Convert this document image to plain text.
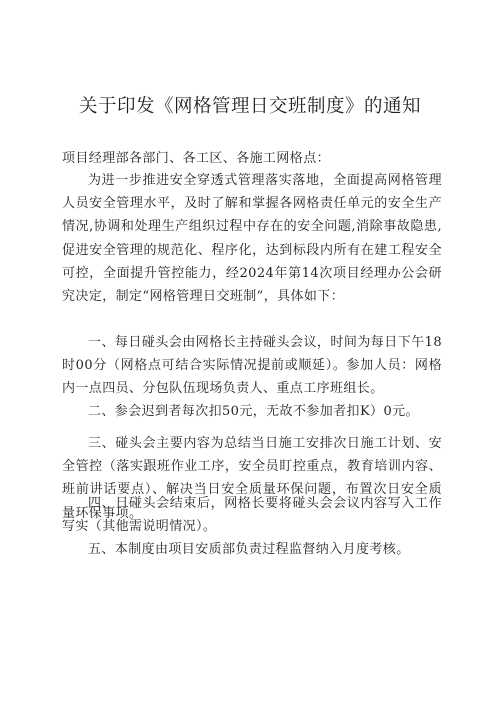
关于印发《网格管理日交班制度》的通知
项目经理部各部门、各工区、各施工网格点：

为进一步推进安全穿透式管理落实落地，全面提高网格管理人员安全管理水平，及时了解和掌握各网格责任单元的安全生产情况,协调和处理生产组织过程中存在的安全问题,消除事故隐患,促进安全管理的规范化、程序化，达到标段内所有在建工程安全可控，全面提升管控能力，经2024年第14次项目经理办公会研究决定，制定“网格管理日交班制”，具体如下：

一、每日碰头会由网格长主持碰头会议，时间为每日下午18时00分（网格点可结合实际情况提前或顺延）。参加人员：网格内一点四员、分包队伍现场负责人、重点工序班组长。

二、参会迟到者每次扣50元，无故不参加者扣K）0元。

三、碰头会主要内容为总结当日施工安排次日施工计划、安全管控（落实跟班作业工序，安全员盯控重点，教育培训内容、班前讲话要点）、解决当日安全质量环保问题，布置次日安全质量环保事项。

四、日碰头会结束后，网格长要将碰头会会议内容写入工作写实（其他需说明情况）。

五、本制度由项目安质部负责过程监督纳入月度考核。
